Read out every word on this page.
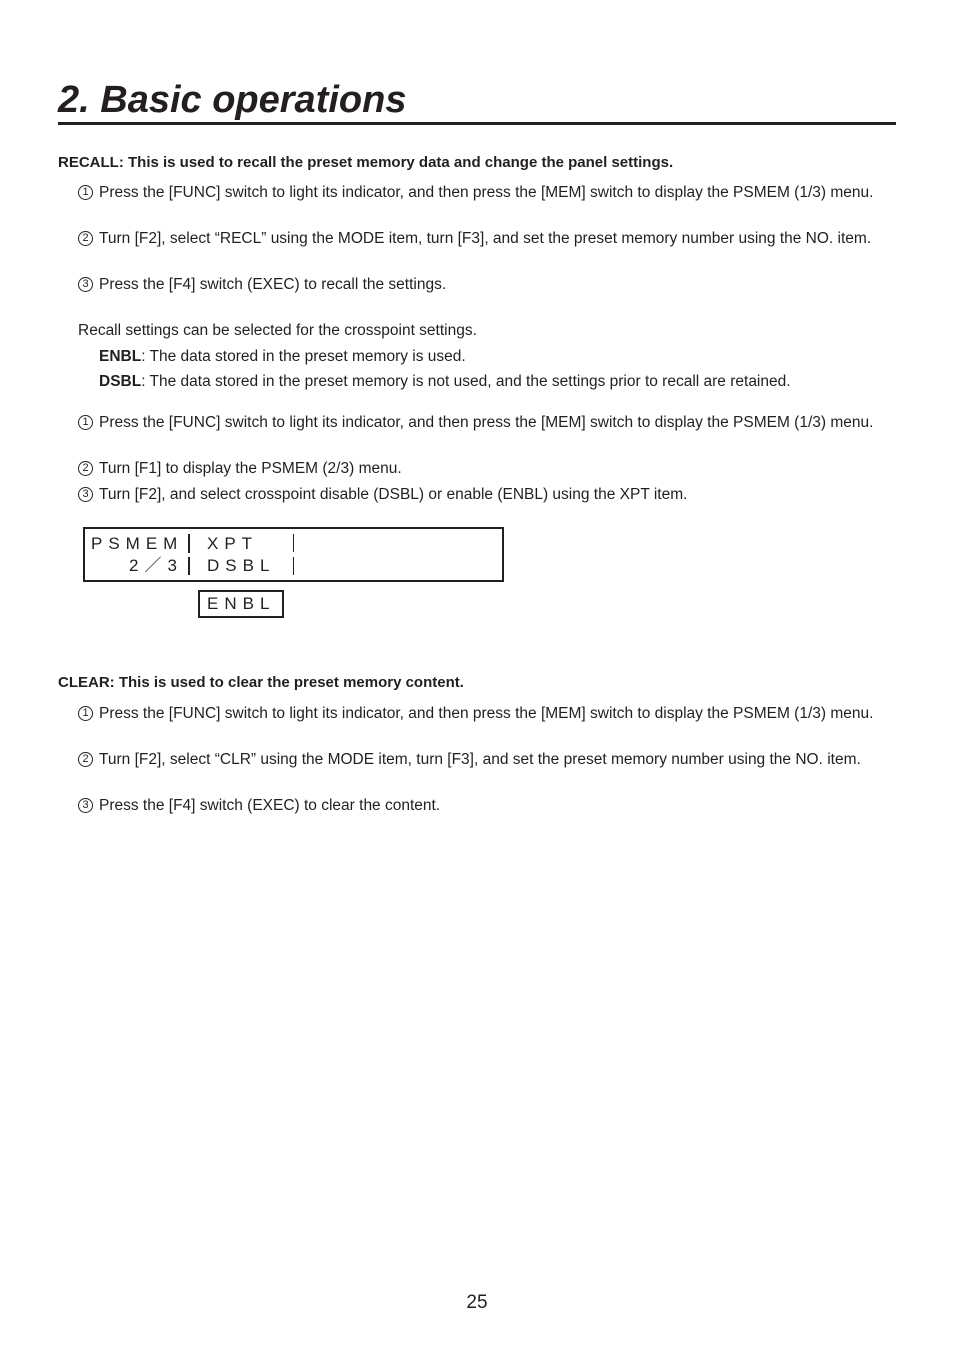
2. Basic operations
RECALL: This is used to recall the preset memory data and change the panel settings.
1 Press the [FUNC] switch to light its indicator, and then press the [MEM] switch to display the PSMEM (1/3) menu.
2 Turn [F2], select “RECL” using the MODE item, turn [F3], and set the preset memory number using the NO. item.
3 Press the [F4] switch (EXEC) to recall the settings.
Recall settings can be selected for the crosspoint settings.
ENBL: The data stored in the preset memory is used.
DSBL: The data stored in the preset memory is not used, and the settings prior to recall are retained.
1 Press the [FUNC] switch to light its indicator, and then press the [MEM] switch to display the PSMEM (1/3) menu.
2 Turn [F1] to display the PSMEM (2/3) menu.
3 Turn [F2], and select crosspoint disable (DSBL) or enable (ENBL) using the XPT item.
PSMEM
2／3
XPT
DSBL
ENBL
CLEAR: This is used to clear the preset memory content.
1 Press the [FUNC] switch to light its indicator, and then press the [MEM] switch to display the PSMEM (1/3) menu.
2 Turn [F2], select “CLR” using the MODE item, turn [F3], and set the preset memory number using the NO. item.
3 Press the [F4] switch (EXEC) to clear the content.
25
